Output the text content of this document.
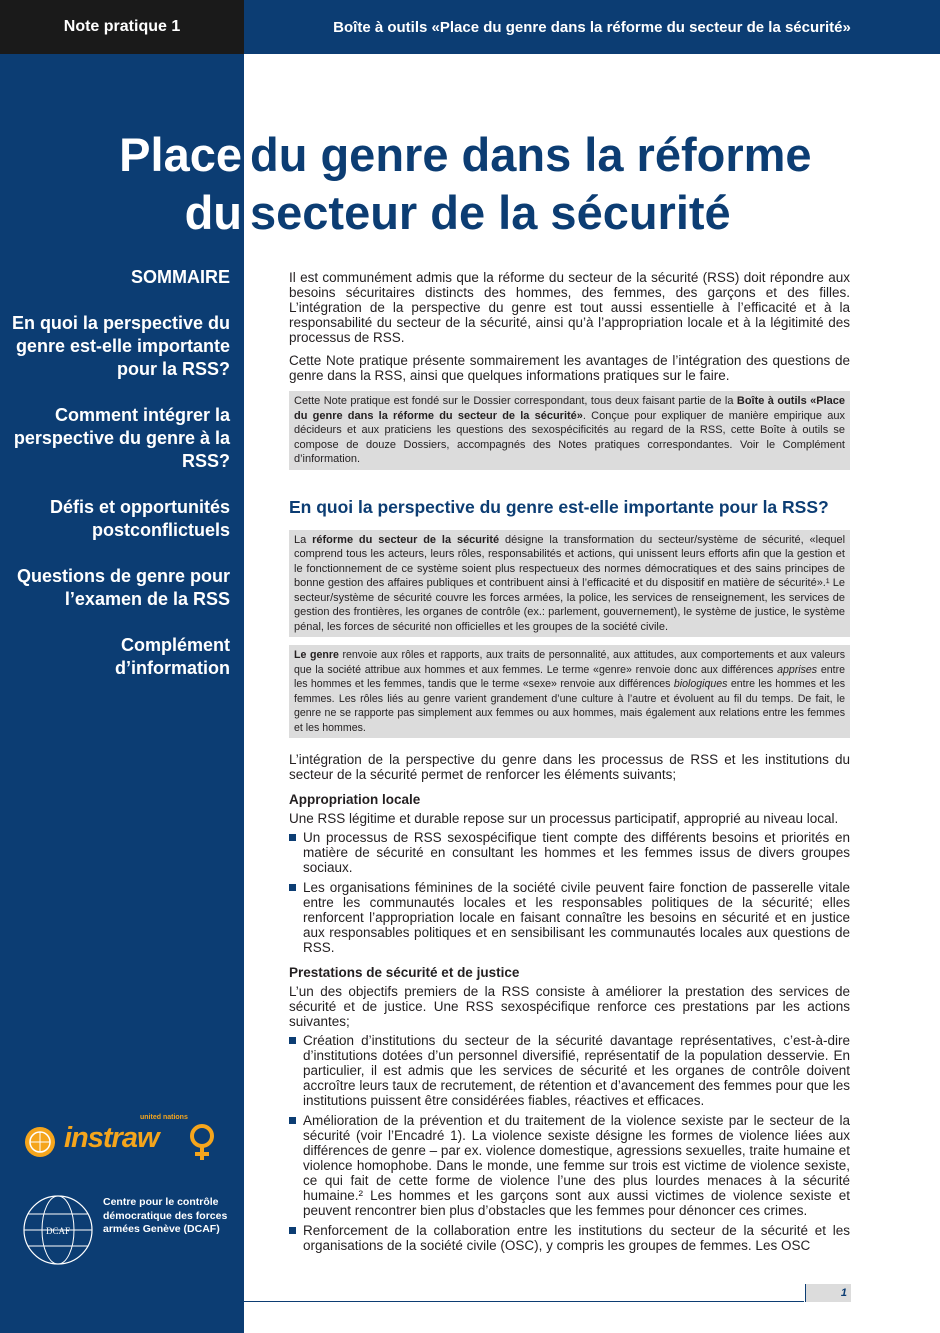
Note pratique 1	Boîte à outils «Place du genre dans la réforme du secteur de la sécurité»
Place du genre dans la réforme
du secteur de la sécurité
SOMMAIRE
En quoi la perspective du genre est-elle importante pour la RSS?
Comment intégrer la perspective du genre à la RSS?
Défis et opportunités postconflictuels
Questions de genre pour l’examen de la RSS
Complément d’information
united nations
instraw
DCAF
Centre pour le contrôle démocratique des forces armées Genève (DCAF)

Il est communément admis que la réforme du secteur de la sécurité (RSS) doit répondre aux besoins sécuritaires distincts des hommes, des femmes, des garçons et des filles. L’intégration de la perspective du genre est tout aussi essentielle à l’efficacité et à la responsabilité du secteur de la sécurité, ainsi qu’à l’appropriation locale et à la légitimité des processus de RSS.

Cette Note pratique présente sommairement les avantages de l’intégration des questions de genre dans la RSS, ainsi que quelques informations pratiques sur le faire.

Cette Note pratique est fondé sur le Dossier correspondant, tous deux faisant partie de la Boîte à outils «Place du genre dans la réforme du secteur de la sécurité». Conçue pour expliquer de manière empirique aux décideurs et aux praticiens les questions des sexospécificités au regard de la RSS, cette Boîte à outils se compose de douze Dossiers, accompagnés des Notes pratiques correspondantes. Voir le Complément d’information.
En quoi la perspective du genre est-elle importante pour la RSS?
La réforme du secteur de la sécurité désigne la transformation du secteur/système de sécurité, «lequel comprend tous les acteurs, leurs rôles, responsabilités et actions, qui unissent leurs efforts afin que la gestion et le fonctionnement de ce système soient plus respectueux des normes démocratiques et des sains principes de bonne gestion des affaires publiques et contribuent ainsi à l’efficacité et du dispositif en matière de sécurité».¹ Le secteur/système de sécurité couvre les forces armées, la police, les services de renseignement, les services de gestion des frontières, les organes de contrôle (ex.: parlement, gouvernement), le système de justice, le système pénal, les forces de sécurité non officielles et les groupes de la société civile.
Le genre renvoie aux rôles et rapports, aux traits de personnalité, aux attitudes, aux comportements et aux valeurs que la société attribue aux hommes et aux femmes. Le terme «genre» renvoie donc aux différences apprises entre les hommes et les femmes, tandis que le terme «sexe» renvoie aux différences biologiques entre les hommes et les femmes. Les rôles liés au genre varient grandement d’une culture à l’autre et évoluent au fil du temps. De fait, le genre ne se rapporte pas simplement aux femmes ou aux hommes, mais également aux relations entre les femmes et les hommes.

L’intégration de la perspective du genre dans les processus de RSS et les institutions du secteur de la sécurité permet de renforcer les éléments suivants;

Appropriation locale

Une RSS légitime et durable repose sur un processus participatif, approprié au niveau local.

Un processus de RSS sexospécifique tient compte des différents besoins et priorités en matière de sécurité en consultant les hommes et les femmes issus de divers groupes sociaux.
Les organisations féminines de la société civile peuvent faire fonction de passerelle vitale entre les communautés locales et les responsables politiques de la sécurité; elles renforcent l’appropriation locale en faisant connaître les besoins en sécurité et en justice aux responsables politiques et en sensibilisant les communautés locales aux questions de RSS.
Prestations de sécurité et de justice

L’un des objectifs premiers de la RSS consiste à améliorer la prestation des services de sécurité et de justice. Une RSS sexospécifique renforce ces prestations par les actions suivantes;

Création d’institutions du secteur de la sécurité davantage représentatives, c’est-à-dire d’institutions dotées d’un personnel diversifié, représentatif de la population desservie. En particulier, il est admis que les services de sécurité et les organes de contrôle doivent accroître leurs taux de recrutement, de rétention et d’avancement des femmes pour que les institutions puissent être considérées fiables, réactives et efficaces.
Amélioration de la prévention et du traitement de la violence sexiste par le secteur de la sécurité (voir l’Encadré 1). La violence sexiste désigne les formes de violence liées aux différences de genre – par ex. violence domestique, agressions sexuelles, traite humaine et violence homophobe. Dans le monde, une femme sur trois est victime de violence sexiste, ce qui fait de cette forme de violence l’une des plus lourdes menaces à la sécurité humaine.² Les hommes et les garçons sont aux aussi victimes de violence sexiste et peuvent rencontrer bien plus d’obstacles que les femmes pour dénoncer ces crimes.
Renforcement de la collaboration entre les institutions du secteur de la sécurité et les organisations de la société civile (OSC), y compris les groupes de femmes. Les OSC
1
